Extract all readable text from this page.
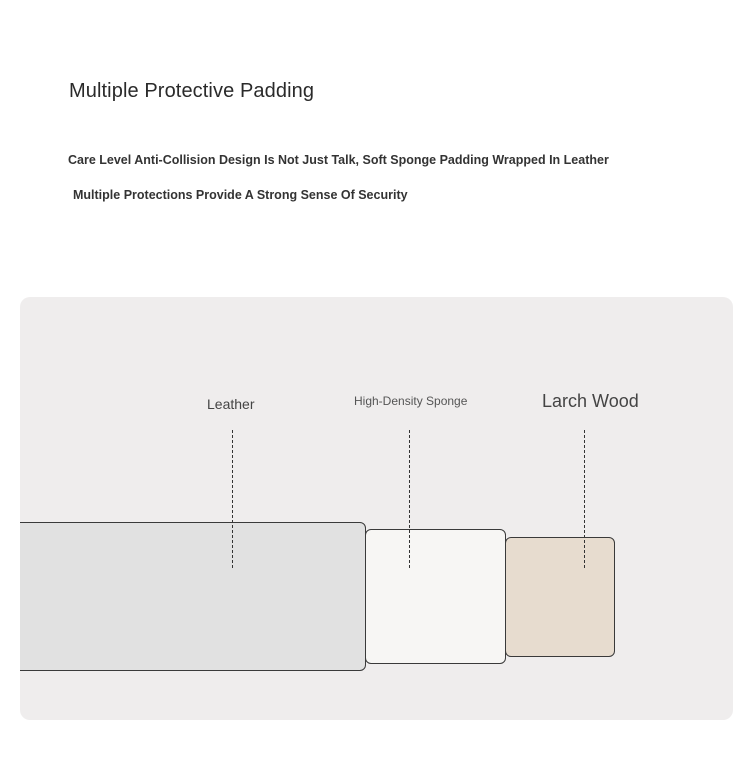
Multiple Protective Padding
Care Level Anti-Collision Design Is Not Just Talk, Soft Sponge Padding Wrapped In Leather
Multiple Protections Provide A Strong Sense Of Security
Leather	High-Density Sponge	Larch Wood
